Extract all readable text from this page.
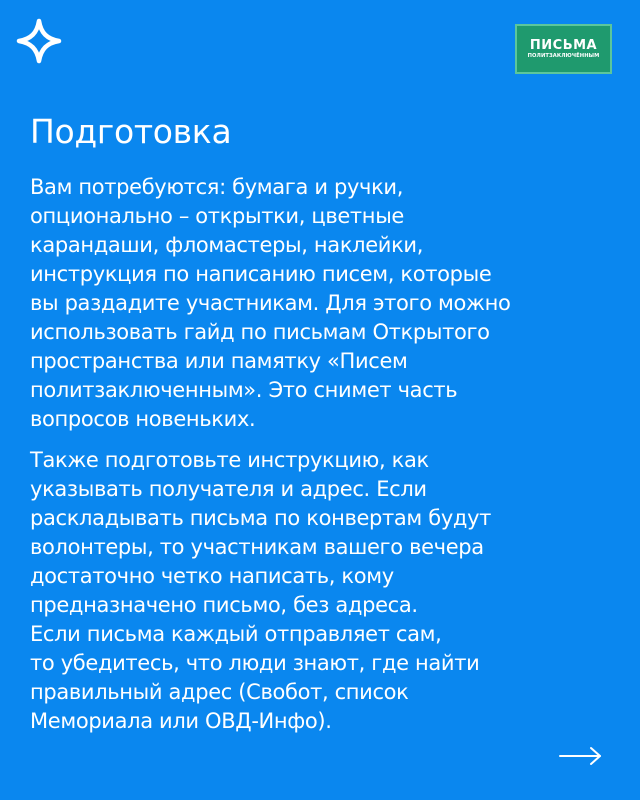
ПИСЬМА
ПОЛИТЗАКЛЮЧЁННЫМ
Подготовка

Вам потребуются: бумага и ручки,
опционально – открытки, цветные
карандаши, фломастеры, наклейки,
инструкция по написанию писем, которые
вы раздадите участникам. Для этого можно
использовать гайд по письмам Открытого
пространства или памятку «Писем
политзаключенным». Это снимет часть
вопросов новеньких.

Также подготовьте инструкцию, как
указывать получателя и адрес. Если
раскладывать письма по конвертам будут
волонтеры, то участникам вашего вечера
достаточно четко написать, кому
предназначено письмо, без адреса.
Если письма каждый отправляет сам,
то убедитесь, что люди знают, где найти
правильный адрес (Свобот, список
Мемориала или ОВД-Инфо).
